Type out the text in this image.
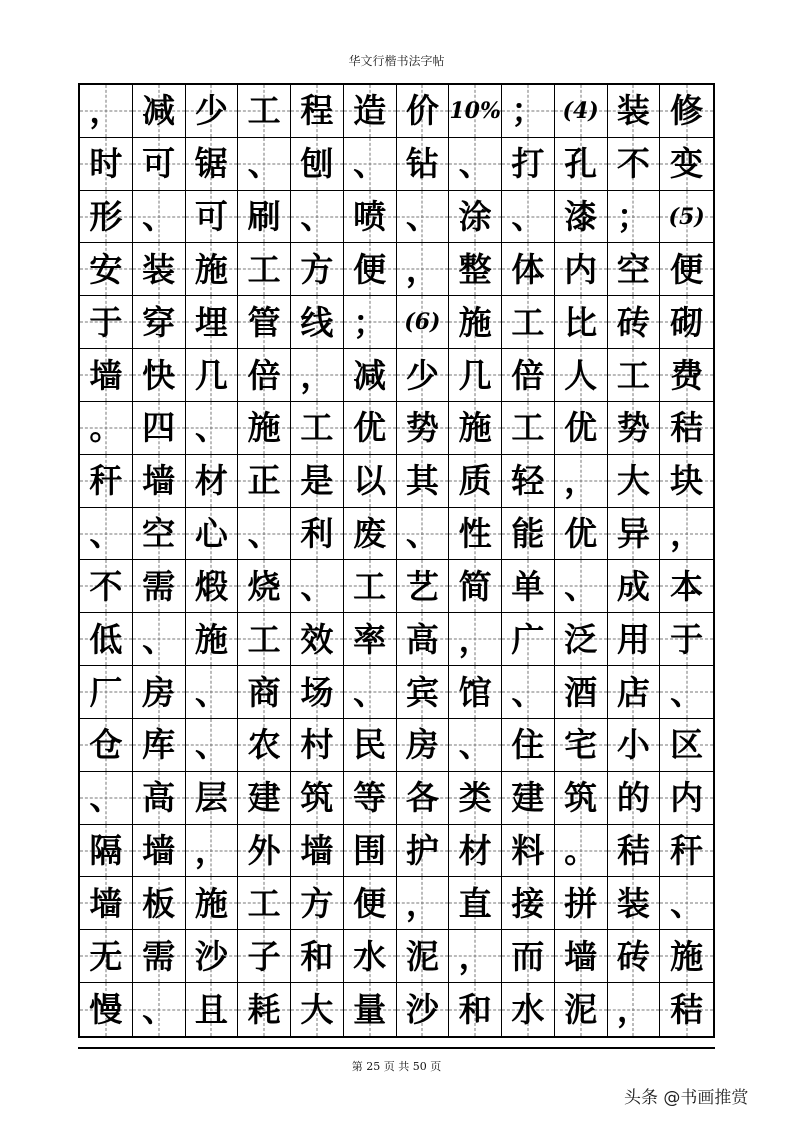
华文行楷书法字帖
， 减 少 工 程 造 价 10% ； (4) 装 修
时 可 锯 、 刨 、 钻 、 打 孔 不 变
形 、 可 刷 、 喷 、 涂 、 漆 ； (5)
安 装 施 工 方 便 ， 整 体 内 空 便
于 穿 埋 管 线 ； (6) 施 工 比 砖 砌
墙 快 几 倍 ， 减 少 几 倍 人 工 费
。 四 、 施 工 优 势 施 工 优 势 秸
秆 墙 材 正 是 以 其 质 轻 ， 大 块
、 空 心 、 利 废 、 性 能 优 异 ，
不 需 煅 烧 、 工 艺 简 单 、 成 本
低 、 施 工 效 率 高 ， 广 泛 用 于
厂 房 、 商 场 、 宾 馆 、 酒 店 、
仓 库 、 农 村 民 房 、 住 宅 小 区
、 高 层 建 筑 等 各 类 建 筑 的 内
隔 墙 ， 外 墙 围 护 材 料 。 秸 秆
墙 板 施 工 方 便 ， 直 接 拼 装 、
无 需 沙 子 和 水 泥 ， 而 墙 砖 施
慢 、 且 耗 大 量 沙 和 水 泥 ， 秸
第 25 页 共 50 页
头条 @书画推赏
